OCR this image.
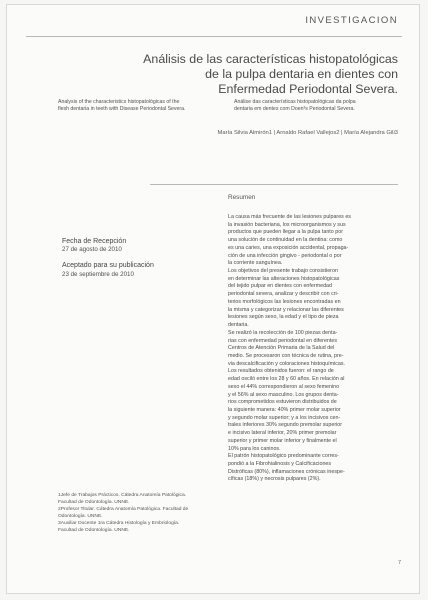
INVESTIGACION
Análisis de las características histopatológicas
de la pulpa dentaria en dientes con
Enfermedad Periodontal Severa.
Analysis of the characteristics histopatológicas of the
flesh dentaria in teeth with Disease Periodontal Severa.
Análise das características histopatológicas da polpa
dentaria em dentes com Doen³s Periodontal Severa.
María Silvia Almirón1 | Arnaldo Rafael Vallejos2 | María Alejandra Gili3
Resumen
Fecha de Recepción
27 de agosto de 2010
Aceptado para su publicación
23 de septiembre de 2010
La causa más frecuente de las lesiones pulpares es
la invasión bacteriana, los microorganismos y sus
productos que pueden llegar a la pulpa tanto por
una solución de continuidad en la dentina: como
es una caries, una exposición accidental, propaga-
ción de una infección gingivo - periodontal o por
la corriente sanguínea.
Los objetivos del presente trabajo consistieron
en determinar las alteraciones histopatológicas
del tejido pulpar en dientes con enfermedad
periodontal severa, analizar y describir con cri-
terios morfológicos las lesiones encontradas en
la misma y categorizar y relacionar las diferentes
lesiones según sexo, la edad y el tipo de pieza
dentaria.
Se realizó la recolección de 100 piezas denta-
rias con enfermedad periodontal en diferentes
Centros de Atención Primaria de la Salud del
medio. Se procesaron con técnica de rutina, pre-
via descalcificación y coloraciones histoquímicas.
Los resultados obtenidos fueron: el rango de
edad osciló entre los 28 y 60 años. En relación al
sexo el 44% correspondieron al sexo femenino
y el 56% al sexo masculino. Los grupos denta-
rios comprometidos estuvieron distribuidos de
la siguiente manera: 40% primer molar superior
y segundo molar superior; y a los incisivos cen-
trales inferiores 30% segundo premolar superior
e incisivo lateral inferior, 20% primer premolar
superior y primer molar inferior y finalmente el
10% para los caninos.
El patrón histopatológico predominante corres-
pondió a la Fibrohialinosis y Calcificaciones
Distróficas (80%), inflamaciones crónicas inespe-
cíficas (18%) y necrosis pulpares (2%).
1Jefe de Trabajos Prácticos. Cátedra Anatomía Patológica.
Facultad de Odontología. UNNE.
2Profesor Titular. Cátedra Anatomía Patológica. Facultad de
Odontología. UNNE.
3Auxiliar Docente 1ra Cátedra Histología y Embriología.
Facultad de Odontología. UNNE.
7
